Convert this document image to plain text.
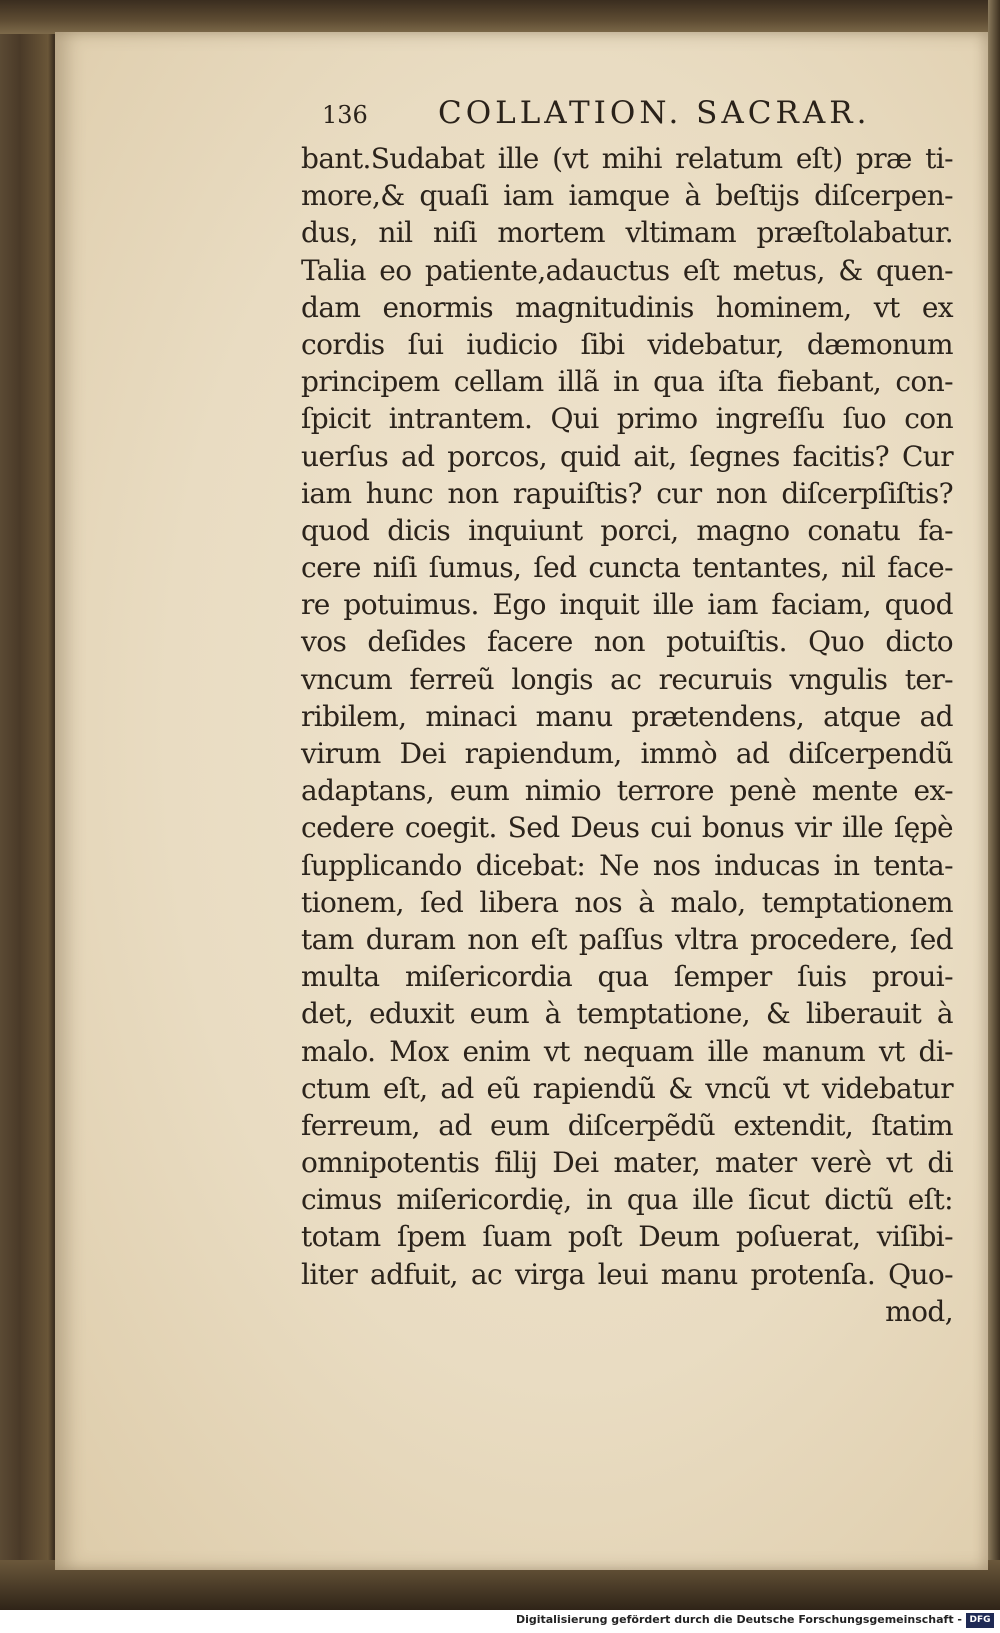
136 COLLATION. SACRAR.
bant.Sudabat ille (vt mihi relatum eſt) præ ti-
more,& quaſi iam iamque à beſtijs diſcerpen-
dus, nil niſi mortem vltimam præſtolabatur.
Talia eo patiente,adauctus eſt metus, & quen-
dam enormis magnitudinis hominem, vt ex
cordis ſui iudicio ſibi videbatur, dæmonum
principem cellam illã in qua iſta fiebant, con-
ſpicit intrantem. Qui primo ingreſſu ſuo con
uerſus ad porcos, quid ait, ſegnes facitis? Cur
iam hunc non rapuiſtis? cur non diſcerpſiſtis?
quod dicis inquiunt porci, magno conatu fa-
cere niſi ſumus, ſed cuncta tentantes, nil face-
re potuimus. Ego inquit ille iam faciam, quod
vos deſides facere non potuiſtis. Quo dicto
vncum ferreũ longis ac recuruis vngulis ter-
ribilem, minaci manu prætendens, atque ad
virum Dei rapiendum, immò ad diſcerpendũ
adaptans, eum nimio terrore penè mente ex-
cedere coegit. Sed Deus cui bonus vir ille ſępè
ſupplicando dicebat: Ne nos inducas in tenta-
tionem, ſed libera nos à malo, temptationem
tam duram non eſt paſſus vltra procedere, ſed
multa miſericordia qua ſemper ſuis proui-
det, eduxit eum à temptatione, & liberauit à
malo. Mox enim vt nequam ille manum vt di-
ctum eſt, ad eũ rapiendũ & vncũ vt videbatur
ferreum, ad eum diſcerpẽdũ extendit, ſtatim
omnipotentis filij Dei mater, mater verè vt di
cimus miſericordię, in qua ille ſicut dictũ eſt:
totam ſpem ſuam poſt Deum poſuerat, viſibi-
liter adfuit, ac virga leui manu protenſa. Quo-
mod,
Digitalisierung gefördert durch die Deutsche Forschungsgemeinschaft - DFG
